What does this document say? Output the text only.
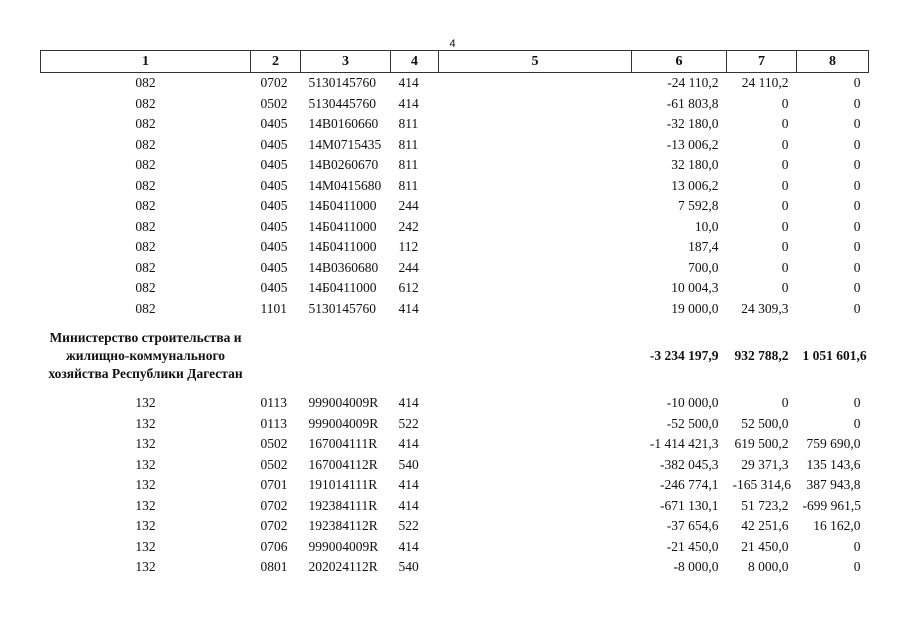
4
1	2	3	4	5	6	7	8
082	0702	5130145760	414		-24 110,2	24 110,2	0
082	0502	5130445760	414		-61 803,8	0	0
082	0405	14B0160660	811		-32 180,0	0	0
082	0405	14M0715435	811		-13 006,2	0	0
082	0405	14B0260670	811		32 180,0	0	0
082	0405	14M0415680	811		13 006,2	0	0
082	0405	14Б0411000	244		7 592,8	0	0
082	0405	14Б0411000	242		10,0	0	0
082	0405	14Б0411000	112		187,4	0	0
082	0405	14B0360680	244		700,0	0	0
082	0405	14Б0411000	612		10 004,3	0	0
082	1101	5130145760	414		19 000,0	24 309,3	0
Министерство строительства и жилищно-коммунального хозяйства Республики Дагестан					-3 234 197,9	932 788,2	1 051 601,6
132	0113	999004009R	414		-10 000,0	0	0
132	0113	999004009R	522		-52 500,0	52 500,0	0
132	0502	167004111R	414		-1 414 421,3	619 500,2	759 690,0
132	0502	167004112R	540		-382 045,3	29 371,3	135 143,6
132	0701	191014111R	414		-246 774,1	-165 314,6	387 943,8
132	0702	192384111R	414		-671 130,1	51 723,2	-699 961,5
132	0702	192384112R	522		-37 654,6	42 251,6	16 162,0
132	0706	999004009R	414		-21 450,0	21 450,0	0
132	0801	202024112R	540		-8 000,0	8 000,0	0
